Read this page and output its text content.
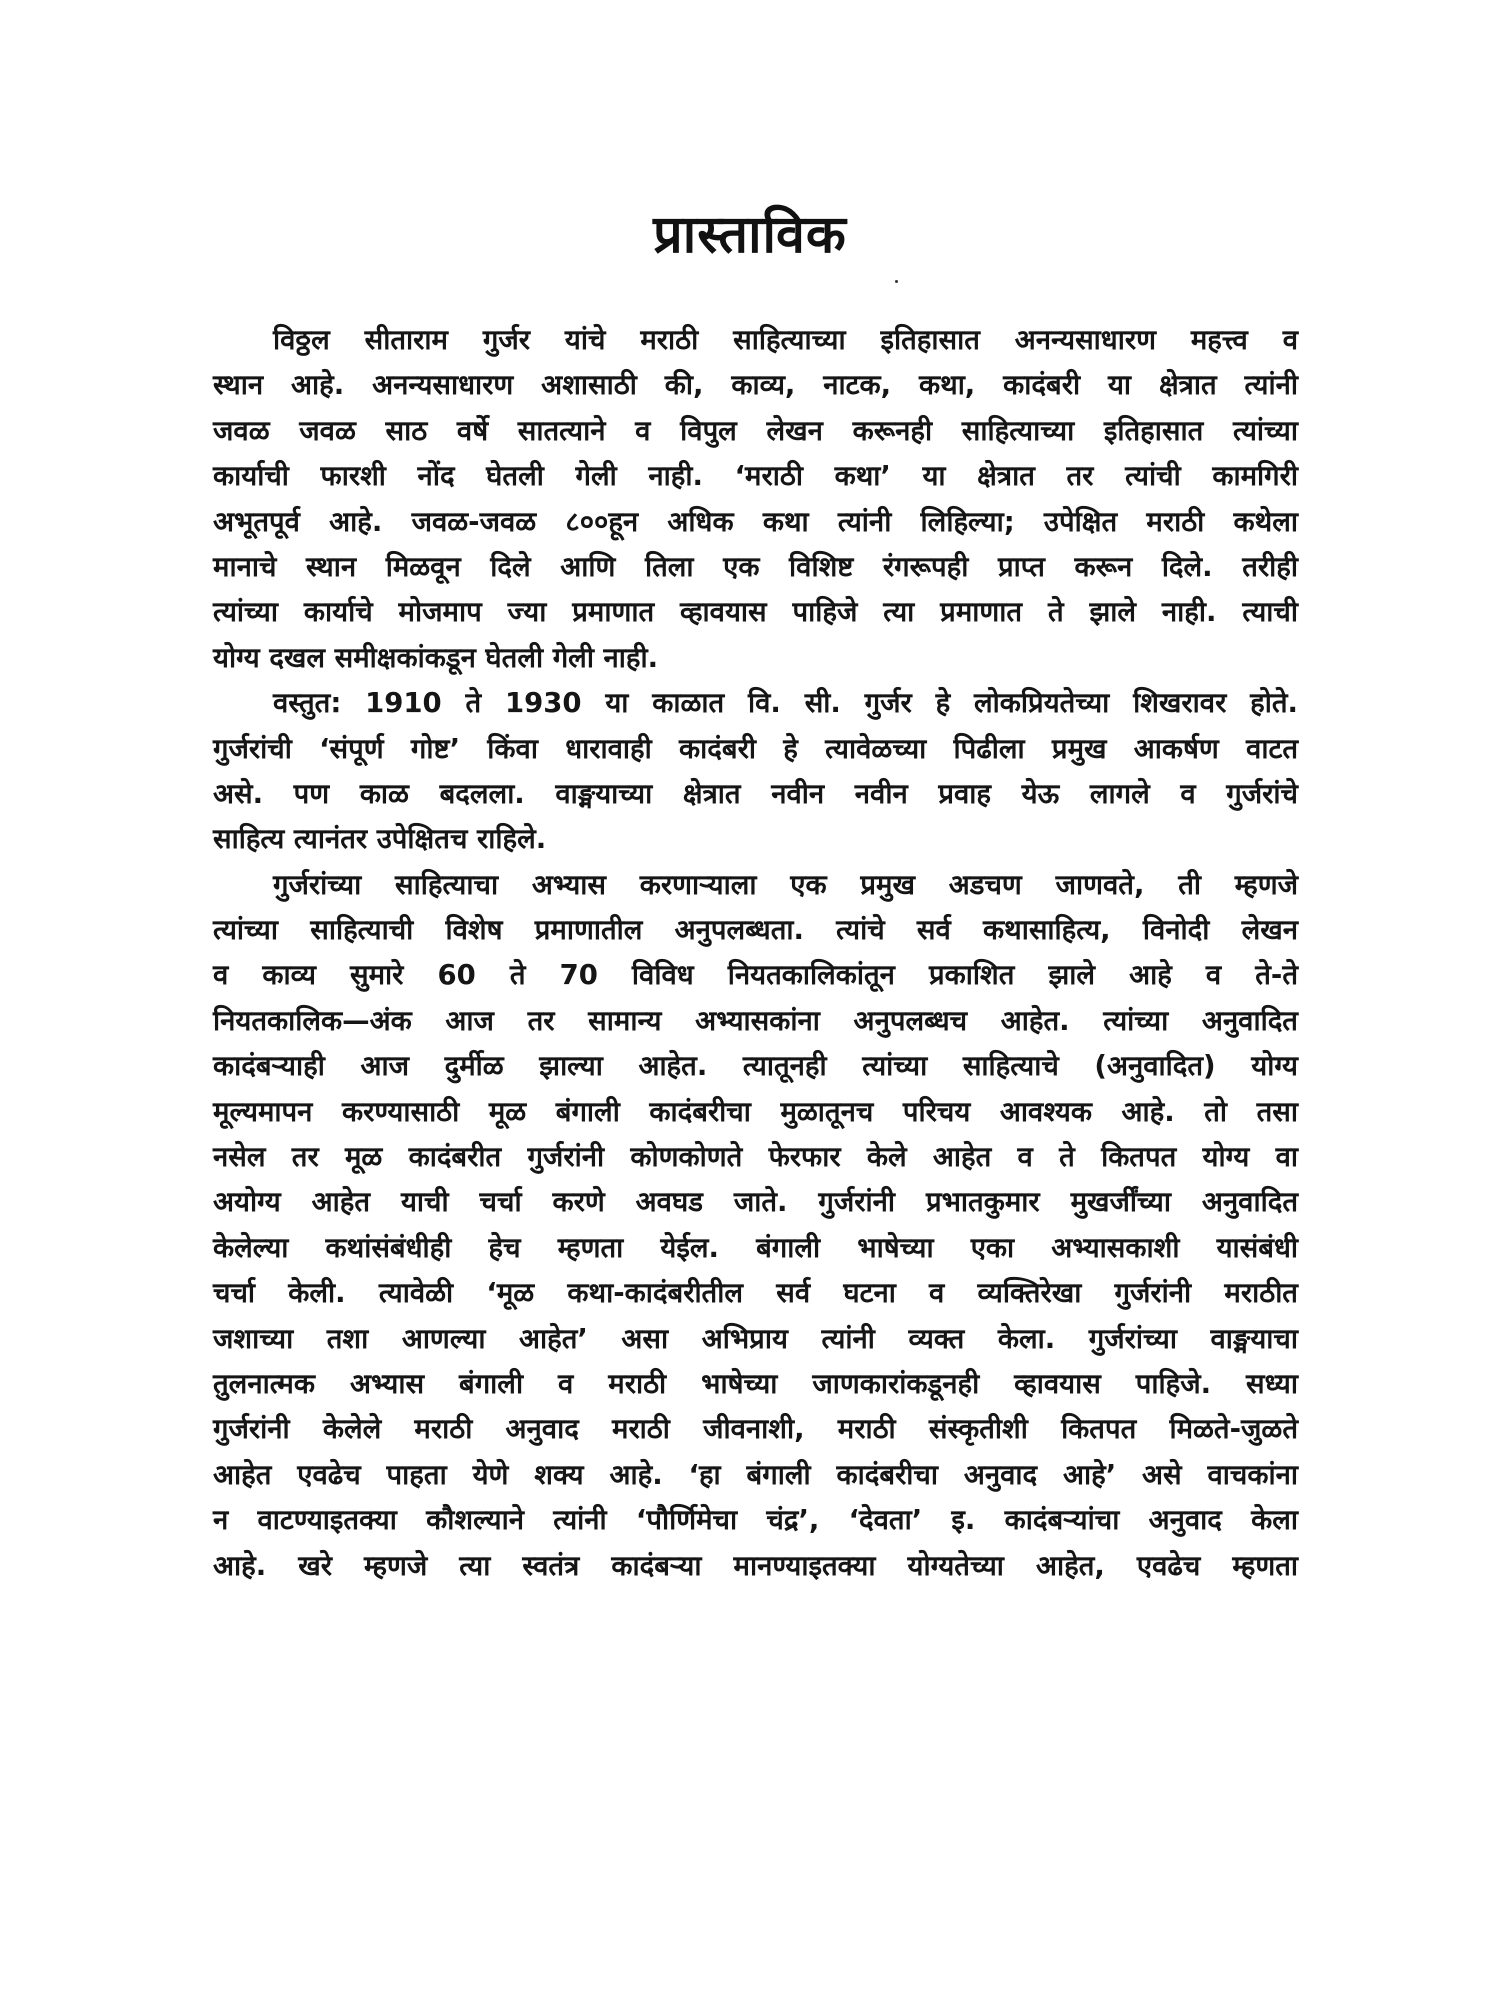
प्रास्ताविक
विठ्ठल सीताराम गुर्जर यांचे मराठी साहित्याच्या इतिहासात अनन्यसाधारण महत्त्व व
स्थान आहे. अनन्यसाधारण अशासाठी की, काव्य, नाटक, कथा, कादंबरी या क्षेत्रात त्यांनी
जवळ जवळ साठ वर्षे सातत्याने व विपुल लेखन करूनही साहित्याच्या इतिहासात त्यांच्या
कार्याची फारशी नोंद घेतली गेली नाही. ‘मराठी कथा’ या क्षेत्रात तर त्यांची कामगिरी
अभूतपूर्व आहे. जवळ-जवळ ८००हून अधिक कथा त्यांनी लिहिल्या; उपेक्षित मराठी कथेला
मानाचे स्थान मिळवून दिले आणि तिला एक विशिष्ट रंगरूपही प्राप्त करून दिले. तरीही
त्यांच्या कार्याचे मोजमाप ज्या प्रमाणात व्हावयास पाहिजे त्या प्रमाणात ते झाले नाही. त्याची
योग्य दखल समीक्षकांकडून घेतली गेली नाही.
वस्तुत: 1910 ते 1930 या काळात वि. सी. गुर्जर हे लोकप्रियतेच्या शिखरावर होते.
गुर्जरांची ‘संपूर्ण गोष्ट’ किंवा धारावाही कादंबरी हे त्यावेळच्या पिढीला प्रमुख आकर्षण वाटत
असे. पण काळ बदलला. वाङ्मयाच्या क्षेत्रात नवीन नवीन प्रवाह येऊ लागले व गुर्जरांचे
साहित्य त्यानंतर उपेक्षितच राहिले.
गुर्जरांच्या साहित्याचा अभ्यास करणाऱ्याला एक प्रमुख अडचण जाणवते, ती म्हणजे
त्यांच्या साहित्याची विशेष प्रमाणातील अनुपलब्धता. त्यांचे सर्व कथासाहित्य, विनोदी लेखन
व काव्य सुमारे 60 ते 70 विविध नियतकालिकांतून प्रकाशित झाले आहे व ते-ते
नियतकालिक—अंक आज तर सामान्य अभ्यासकांना अनुपलब्धच आहेत. त्यांच्या अनुवादित
कादंबऱ्याही आज दुर्मीळ झाल्या आहेत. त्यातूनही त्यांच्या साहित्याचे (अनुवादित) योग्य
मूल्यमापन करण्यासाठी मूळ बंगाली कादंबरीचा मुळातूनच परिचय आवश्यक आहे. तो तसा
नसेल तर मूळ कादंबरीत गुर्जरांनी कोणकोणते फेरफार केले आहेत व ते कितपत योग्य वा
अयोग्य आहेत याची चर्चा करणे अवघड जाते. गुर्जरांनी प्रभातकुमार मुखर्जींच्या अनुवादित
केलेल्या कथांसंबंधीही हेच म्हणता येईल. बंगाली भाषेच्या एका अभ्यासकाशी यासंबंधी
चर्चा केली. त्यावेळी ‘मूळ कथा-कादंबरीतील सर्व घटना व व्यक्तिरेखा गुर्जरांनी मराठीत
जशाच्या तशा आणल्या आहेत’ असा अभिप्राय त्यांनी व्यक्त केला. गुर्जरांच्या वाङ्मयाचा
तुलनात्मक अभ्यास बंगाली व मराठी भाषेच्या जाणकारांकडूनही व्हावयास पाहिजे. सध्या
गुर्जरांनी केलेले मराठी अनुवाद मराठी जीवनाशी, मराठी संस्कृतीशी कितपत मिळते-जुळते
आहेत एवढेच पाहता येणे शक्य आहे. ‘हा बंगाली कादंबरीचा अनुवाद आहे’ असे वाचकांना
न वाटण्याइतक्या कौशल्याने त्यांनी ‘पौर्णिमेचा चंद्र’, ‘देवता’ इ. कादंबऱ्यांचा अनुवाद केला
आहे. खरे म्हणजे त्या स्वतंत्र कादंबऱ्या मानण्याइतक्या योग्यतेच्या आहेत, एवढेच म्हणता
